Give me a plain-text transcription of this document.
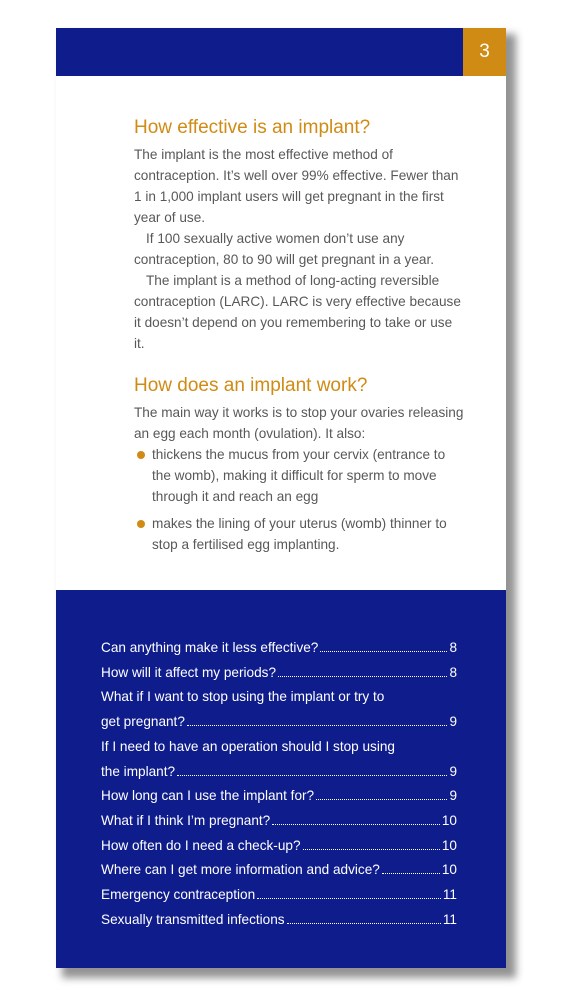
3
How effective is an implant?

The implant is the most effective method of contraception. It’s well over 99% effective. Fewer than 1 in 1,000 implant users will get pregnant in the first year of use.

If 100 sexually active women don’t use any contraception, 80 to 90 will get pregnant in a year.

The implant is a method of long-acting reversible contraception (LARC). LARC is very effective because it doesn’t depend on you remembering to take or use it.

How does an implant work?

The main way it works is to stop your ovaries releasing an egg each month (ovulation). It also:

thickens the mucus from your cervix (entrance to the womb), making it difficult for sperm to move through it and reach an egg
makes the lining of your uterus (womb) thinner to stop a fertilised egg implanting.
Can anything make it less effective?	8
How will it affect my periods?	8
What if I want to stop using the implant or try to
get pregnant?	9
If I need to have an operation should I stop using
the implant?	9
How long can I use the implant for?	9
What if I think I’m pregnant?	10
How often do I need a check-up?	10
Where can I get more information and advice?	10
Emergency contraception	11
Sexually transmitted infections	11
